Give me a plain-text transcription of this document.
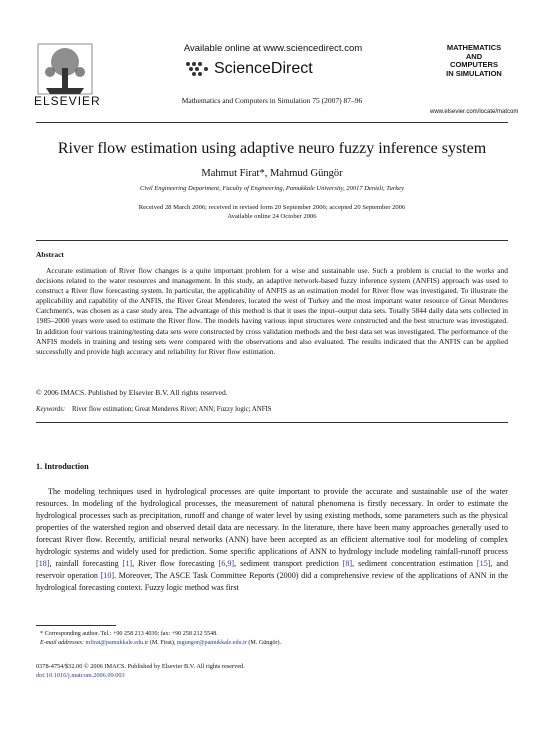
ELSEVIER
Available online at www.sciencedirect.com
ScienceDirect
Mathematics and Computers in Simulation 75 (2007) 87–96
MATHEMATICS
AND
COMPUTERS
IN SIMULATION
www.elsevier.com/locate/matcom
River flow estimation using adaptive neuro fuzzy inference system
Mahmut Firat*, Mahmud Güngör
Civil Engineering Department, Faculty of Engineering, Pamukkale University, 20017 Denizli, Turkey
Received 28 March 2006; received in revised form 20 September 2006; accepted 20 September 2006
Available online 24 October 2006
Abstract

Accurate estimation of River flow changes is a quite important problem for a wise and sustainable use. Such a problem is crucial to the works and decisions related to the water resources and management. In this study, an adaptive network-based fuzzy inference system (ANFIS) approach was used to construct a River flow forecasting system. In particular, the applicability of ANFIS as an estimation model for River flow was investigated. To illustrate the applicability and capability of the ANFIS, the River Great Menderes, located the west of Turkey and the most important water resource of Great Menderes Catchment's, was chosen as a case study area. The advantage of this method is that it uses the input–output data sets. Totally 5844 daily data sets collected in 1985–2000 years were used to estimate the River flow. The models having various input structures were constructed and the best structure was investigated. In addition four various training/testing data sets were constructed by cross validation methods and the best data set was investigated. The performance of the ANFIS models in training and testing sets were compared with the observations and also evaluated. The results indicated that the ANFIS can be applied successfully and provide high accuracy and reliability for River flow estimation.

© 2006 IMACS. Published by Elsevier B.V. All rights reserved.
Keywords: River flow estimation; Great Menderes River; ANN; Fuzzy logic; ANFIS
1. Introduction

The modeling techniques used in hydrological processes are quite important to provide the accurate and sustainable use of the water resources. In modeling of the hydrological processes, the measurement of natural phenomena is firstly necessary. In order to estimate the hydrological processes such as precipitation, runoff and change of water level by using existing methods, some parameters such as the physical properties of the watershed region and observed detail data are necessary. In the literature, there have been many approaches generally used to forecast River flow. Recently, artificial neural networks (ANN) have been accepted as an efficient alternative tool for modeling of complex hydrologic systems and widely used for prediction. Some specific applications of ANN to hydrology include modeling rainfall-runoff process [18], rainfall forecasting [1], River flow forecasting [6,9], sediment transport prediction [8], sediment concentration estimation [15], and reservoir operation [10]. Moreover, The ASCE Task Committee Reports (2000) did a comprehensive review of the applications of ANN in the hydrological forecasting context. Fuzzy logic method was first

* Corresponding author. Tel.: +90 258 213 4030; fax: +90 258 212 5548.
E-mail addresses: mfirat@pamukkale.edu.tr (M. Firat), mgungor@pamukkale.edu.tr (M. Güngör).
0378-4754/$32.00 © 2006 IMACS. Published by Elsevier B.V. All rights reserved.
doi:10.1016/j.matcom.2006.09.003
